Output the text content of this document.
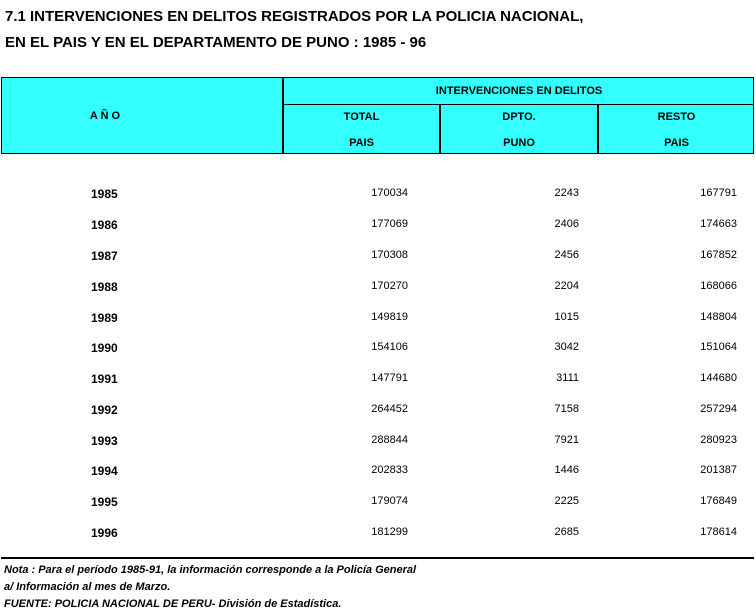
7.1 INTERVENCIONES EN DELITOS REGISTRADOS POR LA POLICIA NACIONAL,
EN EL PAIS Y EN EL DEPARTAMENTO DE PUNO : 1985 - 96
A Ñ O
INTERVENCIONES EN DELITOS
TOTAL
PAIS
DPTO.
PUNO
RESTO
PAIS
1985	170034	2243	167791
1986	177069	2406	174663
1987	170308	2456	167852
1988	170270	2204	168066
1989	149819	1015	148804
1990	154106	3042	151064
1991	147791	3111	144680
1992	264452	7158	257294
1993	288844	7921	280923
1994	202833	1446	201387
1995	179074	2225	176849
1996	181299	2685	178614
Nota : Para el período 1985-91, la información corresponde a la Policía General
a/ Información al mes de Marzo.
FUENTE: POLICIA NACIONAL DE PERU- División de Estadística.
